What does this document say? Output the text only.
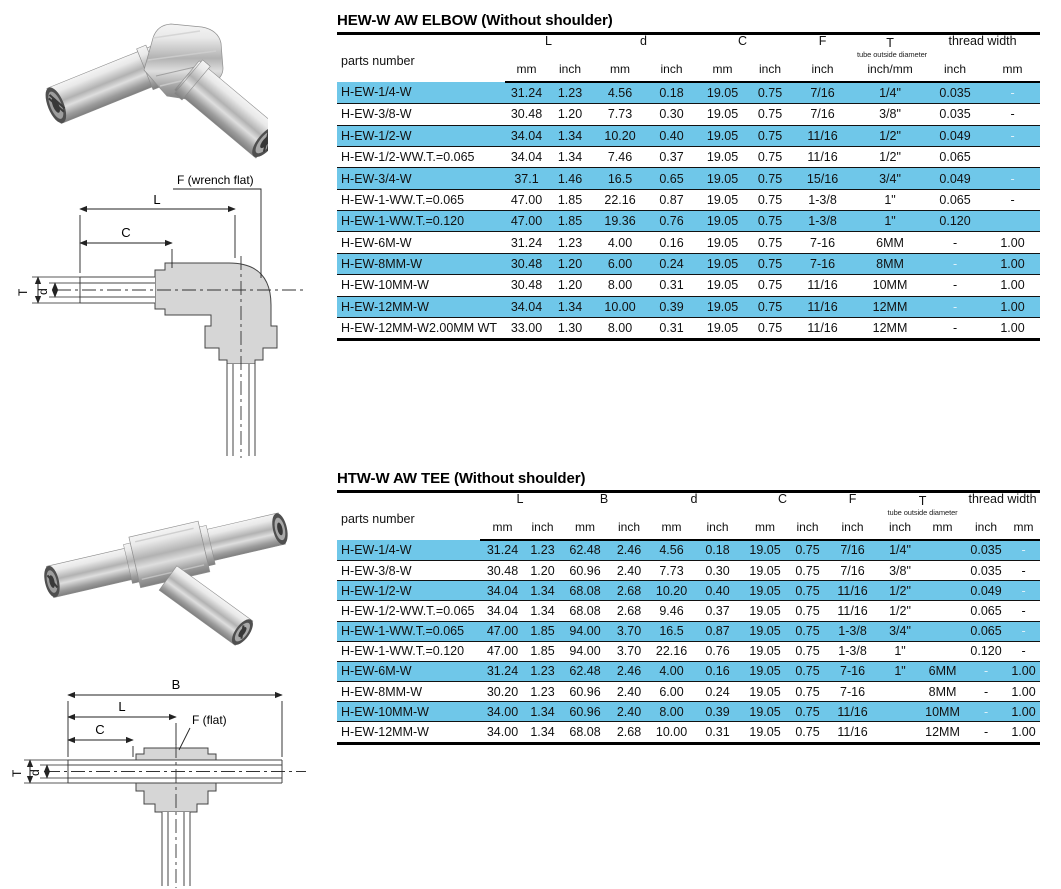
L
C
F (wrench flat)
T d
B
L
C
F (flat)
T d
HEW-W AW ELBOW (Without shoulder)
parts number	L		d		C		F	T
tube outside diameter	thread width	
	mm	inch	mm	inch	mm	inch	inch	inch/mm	inch	mm
H-EW-1/4-W	31.24	1.23	4.56	0.18	19.05	0.75	7/16	1/4"	0.035	-
H-EW-3/8-W	30.48	1.20	7.73	0.30	19.05	0.75	7/16	3/8"	0.035	-
H-EW-1/2-W	34.04	1.34	10.20	0.40	19.05	0.75	11/16	1/2"	0.049	-
H-EW-1/2-WW.T.=0.065	34.04	1.34	7.46	0.37	19.05	0.75	11/16	1/2"	0.065	
H-EW-3/4-W	37.1	1.46	16.5	0.65	19.05	0.75	15/16	3/4"	0.049	-
H-EW-1-WW.T.=0.065	47.00	1.85	22.16	0.87	19.05	0.75	1-3/8	1"	0.065	-
H-EW-1-WW.T.=0.120	47.00	1.85	19.36	0.76	19.05	0.75	1-3/8	1"	0.120	
H-EW-6M-W	31.24	1.23	4.00	0.16	19.05	0.75	7-16	6MM	-	1.00
H-EW-8MM-W	30.48	1.20	6.00	0.24	19.05	0.75	7-16	8MM	-	1.00
H-EW-10MM-W	30.48	1.20	8.00	0.31	19.05	0.75	11/16	10MM	-	1.00
H-EW-12MM-W	34.04	1.34	10.00	0.39	19.05	0.75	11/16	12MM	-	1.00
H-EW-12MM-W2.00MM WT	33.00	1.30	8.00	0.31	19.05	0.75	11/16	12MM	-	1.00
HTW-W AW TEE (Without shoulder)
parts number	L		B		d		C		F	T
tube outside diameter		thread width	
	mm	inch	mm	inch	mm	inch	mm	inch	inch	inch	mm	inch	mm
H-EW-1/4-W	31.24	1.23	62.48	2.46	4.56	0.18	19.05	0.75	7/16	1/4"		0.035	-
H-EW-3/8-W	30.48	1.20	60.96	2.40	7.73	0.30	19.05	0.75	7/16	3/8"		0.035	-
H-EW-1/2-W	34.04	1.34	68.08	2.68	10.20	0.40	19.05	0.75	11/16	1/2"		0.049	-
H-EW-1/2-WW.T.=0.065	34.04	1.34	68.08	2.68	9.46	0.37	19.05	0.75	11/16	1/2"		0.065	-
H-EW-1-WW.T.=0.065	47.00	1.85	94.00	3.70	16.5	0.87	19.05	0.75	1-3/8	3/4"		0.065	-
H-EW-1-WW.T.=0.120	47.00	1.85	94.00	3.70	22.16	0.76	19.05	0.75	1-3/8	1"		0.120	-
H-EW-6M-W	31.24	1.23	62.48	2.46	4.00	0.16	19.05	0.75	7-16	1"	6MM	-	1.00
H-EW-8MM-W	30.20	1.23	60.96	2.40	6.00	0.24	19.05	0.75	7-16		8MM	-	1.00
H-EW-10MM-W	34.00	1.34	60.96	2.40	8.00	0.39	19.05	0.75	11/16		10MM	-	1.00
H-EW-12MM-W	34.00	1.34	68.08	2.68	10.00	0.31	19.05	0.75	11/16		12MM	-	1.00
